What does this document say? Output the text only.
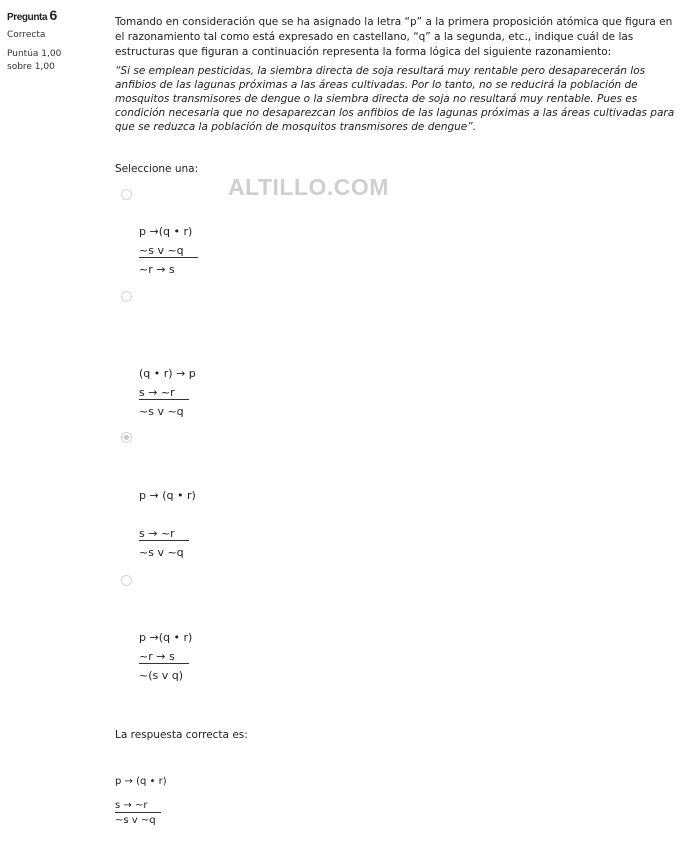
Pregunta 6
Correcta
Puntúa 1,00 sobre 1,00

Tomando en consideración que se ha asignado la letra “p” a la primera proposición atómica que figura en el razonamiento tal como está expresado en castellano, “q” a la segunda, etc., indique cuál de las estructuras que figuran a continuación representa la forma lógica del siguiente razonamiento:

“Si se emplean pesticidas, la siembra directa de soja resultará muy rentable pero desaparecerán los anfibios de las lagunas próximas a las áreas cultivadas. Por lo tanto, no se reducirá la población de mosquitos transmisores de dengue o la siembra directa de soja no resultará muy rentable. Pues es condición necesaria que no desaparezcan los anfibios de las lagunas próximas a las áreas cultivadas para que se reduzca la población de mosquitos transmisores de dengue”.

Seleccione una:
ALTILLO.COM
p →(q • r)
~s v ~q
~r → s
(q • r) → p
s → ~r
~s v ~q
p → (q • r)
s → ~r
~s v ~q
p →(q • r)
~r → s
~(s v q)
La respuesta correcta es:
p → (q • r)
s → ~r
~s v ~q
